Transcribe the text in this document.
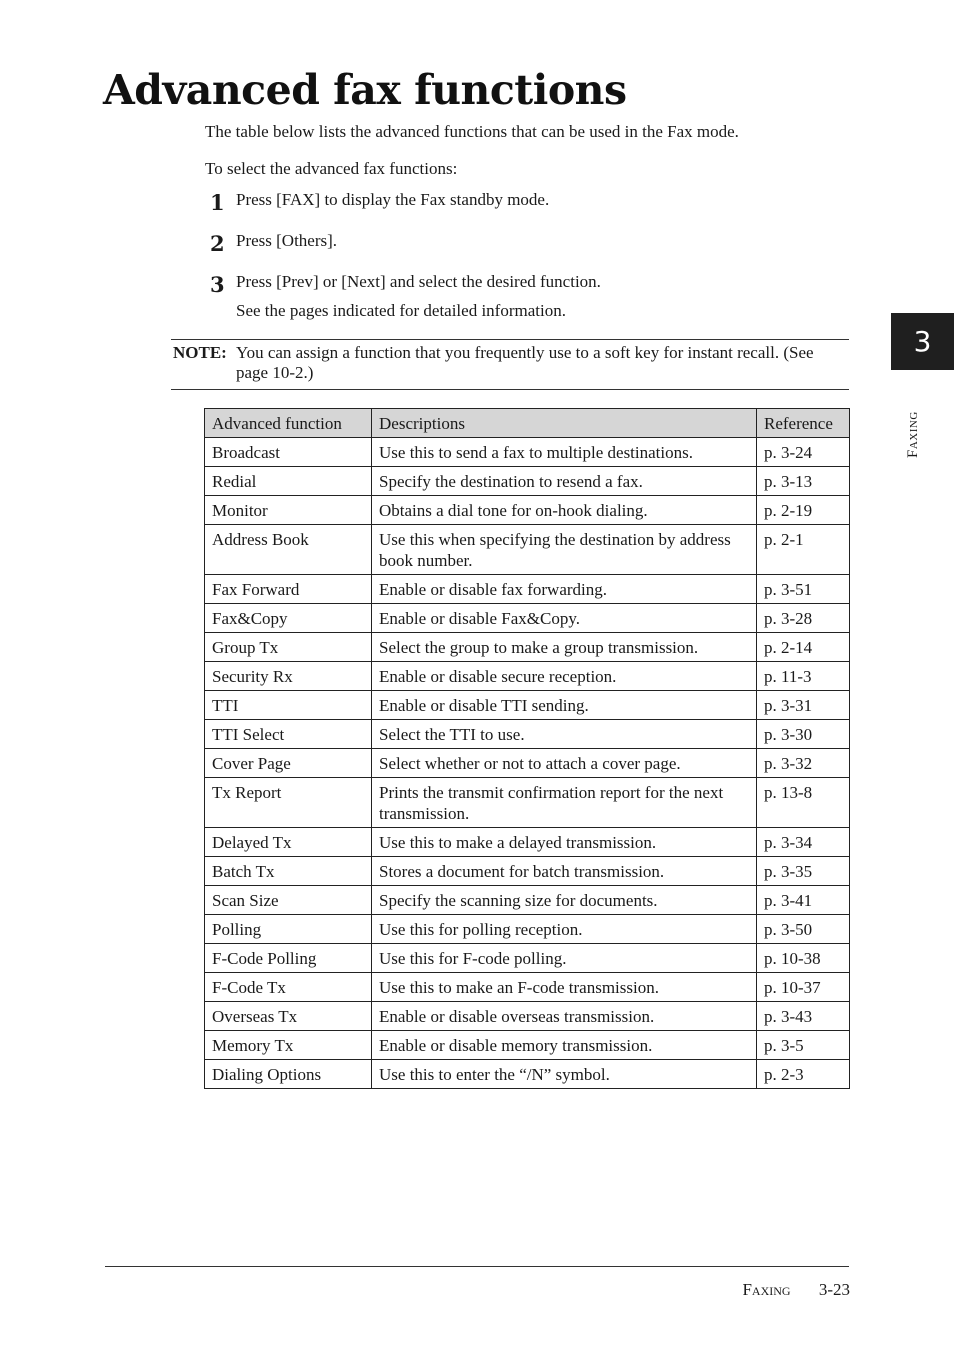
Advanced fax functions
The table below lists the advanced functions that can be used in the Fax mode.
To select the advanced fax functions:
1 Press [FAX] to display the Fax standby mode.
2 Press [Others].
3 Press [Prev] or [Next] and select the desired function.
See the pages indicated for detailed information.
NOTE: You can assign a function that you frequently use to a soft key for instant recall. (See page 10-2.)
Advanced function	Descriptions	Reference
Broadcast	Use this to send a fax to multiple destinations.	p. 3-24
Redial	Specify the destination to resend a fax.	p. 3-13
Monitor	Obtains a dial tone for on-hook dialing.	p. 2-19
Address Book	Use this when specifying the destination by address book number.	p. 2-1
Fax Forward	Enable or disable fax forwarding.	p. 3-51
Fax&Copy	Enable or disable Fax&Copy.	p. 3-28
Group Tx	Select the group to make a group transmission.	p. 2-14
Security Rx	Enable or disable secure reception.	p. 11-3
TTI	Enable or disable TTI sending.	p. 3-31
TTI Select	Select the TTI to use.	p. 3-30
Cover Page	Select whether or not to attach a cover page.	p. 3-32
Tx Report	Prints the transmit confirmation report for the next transmission.	p. 13-8
Delayed Tx	Use this to make a delayed transmission.	p. 3-34
Batch Tx	Stores a document for batch transmission.	p. 3-35
Scan Size	Specify the scanning size for documents.	p. 3-41
Polling	Use this for polling reception.	p. 3-50
F-Code Polling	Use this for F-code polling.	p. 10-38
F-Code Tx	Use this to make an F-code transmission.	p. 10-37
Overseas Tx	Enable or disable overseas transmission.	p. 3-43
Memory Tx	Enable or disable memory transmission.	p. 3-5
Dialing Options	Use this to enter the “/N” symbol.	p. 2-3
3
Faxing
Faxing 3-23
